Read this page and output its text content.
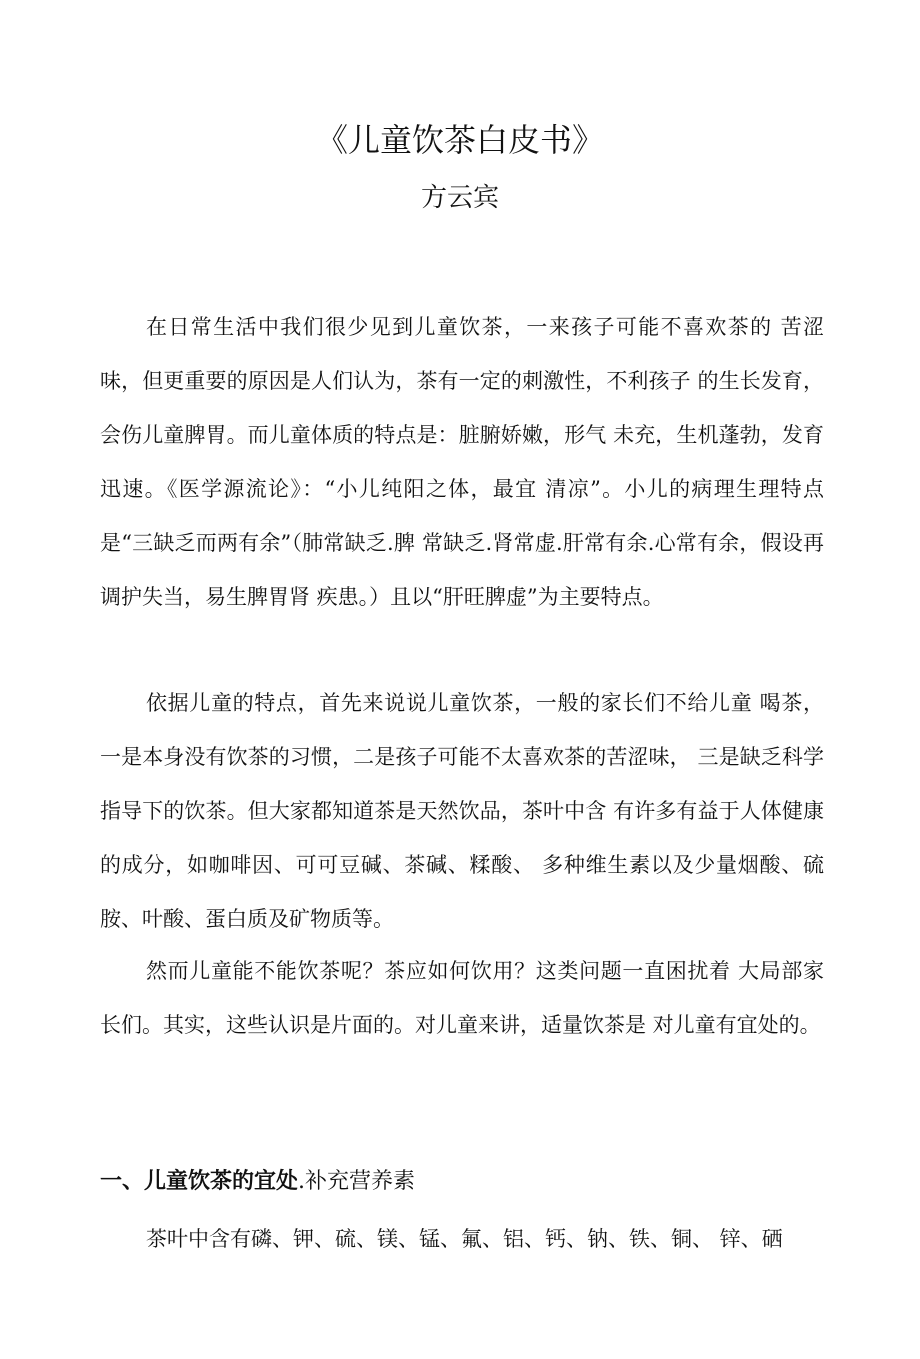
《儿童饮茶白皮书》
方云宾

在日常生活中我们很少见到儿童饮茶，一来孩子可能不喜欢茶的 苦涩味，但更重要的原因是人们认为，茶有一定的刺激性，不利孩子 的生长发育，会伤儿童脾胃。而儿童体质的特点是：脏腑娇嫩，形气 未充，生机蓬勃，发育迅速。《医学源流论》：“小儿纯阳之体，最宜 清凉”。小儿的病理生理特点是“三缺乏而两有余”（肺常缺乏.脾 常缺乏.肾常虚.肝常有余.心常有余，假设再调护失当，易生脾胃肾 疾患。）且以“肝旺脾虚”为主要特点。

依据儿童的特点，首先来说说儿童饮茶，一般的家长们不给儿童 喝茶，一是本身没有饮茶的习惯，二是孩子可能不太喜欢茶的苦涩味， 三是缺乏科学指导下的饮茶。但大家都知道茶是天然饮品，茶叶中含 有许多有益于人体健康的成分，如咖啡因、可可豆碱、茶碱、糅酸、 多种维生素以及少量烟酸、硫胺、叶酸、蛋白质及矿物质等。

然而儿童能不能饮茶呢？茶应如何饮用？这类问题一直困扰着 大局部家长们。其实，这些认识是片面的。对儿童来讲，适量饮茶是 对儿童有宜处的。

一、儿童饮茶的宜处.补充营养素

茶叶中含有磷、钾、硫、镁、锰、氟、铝、钙、钠、铁、铜、 锌、硒
